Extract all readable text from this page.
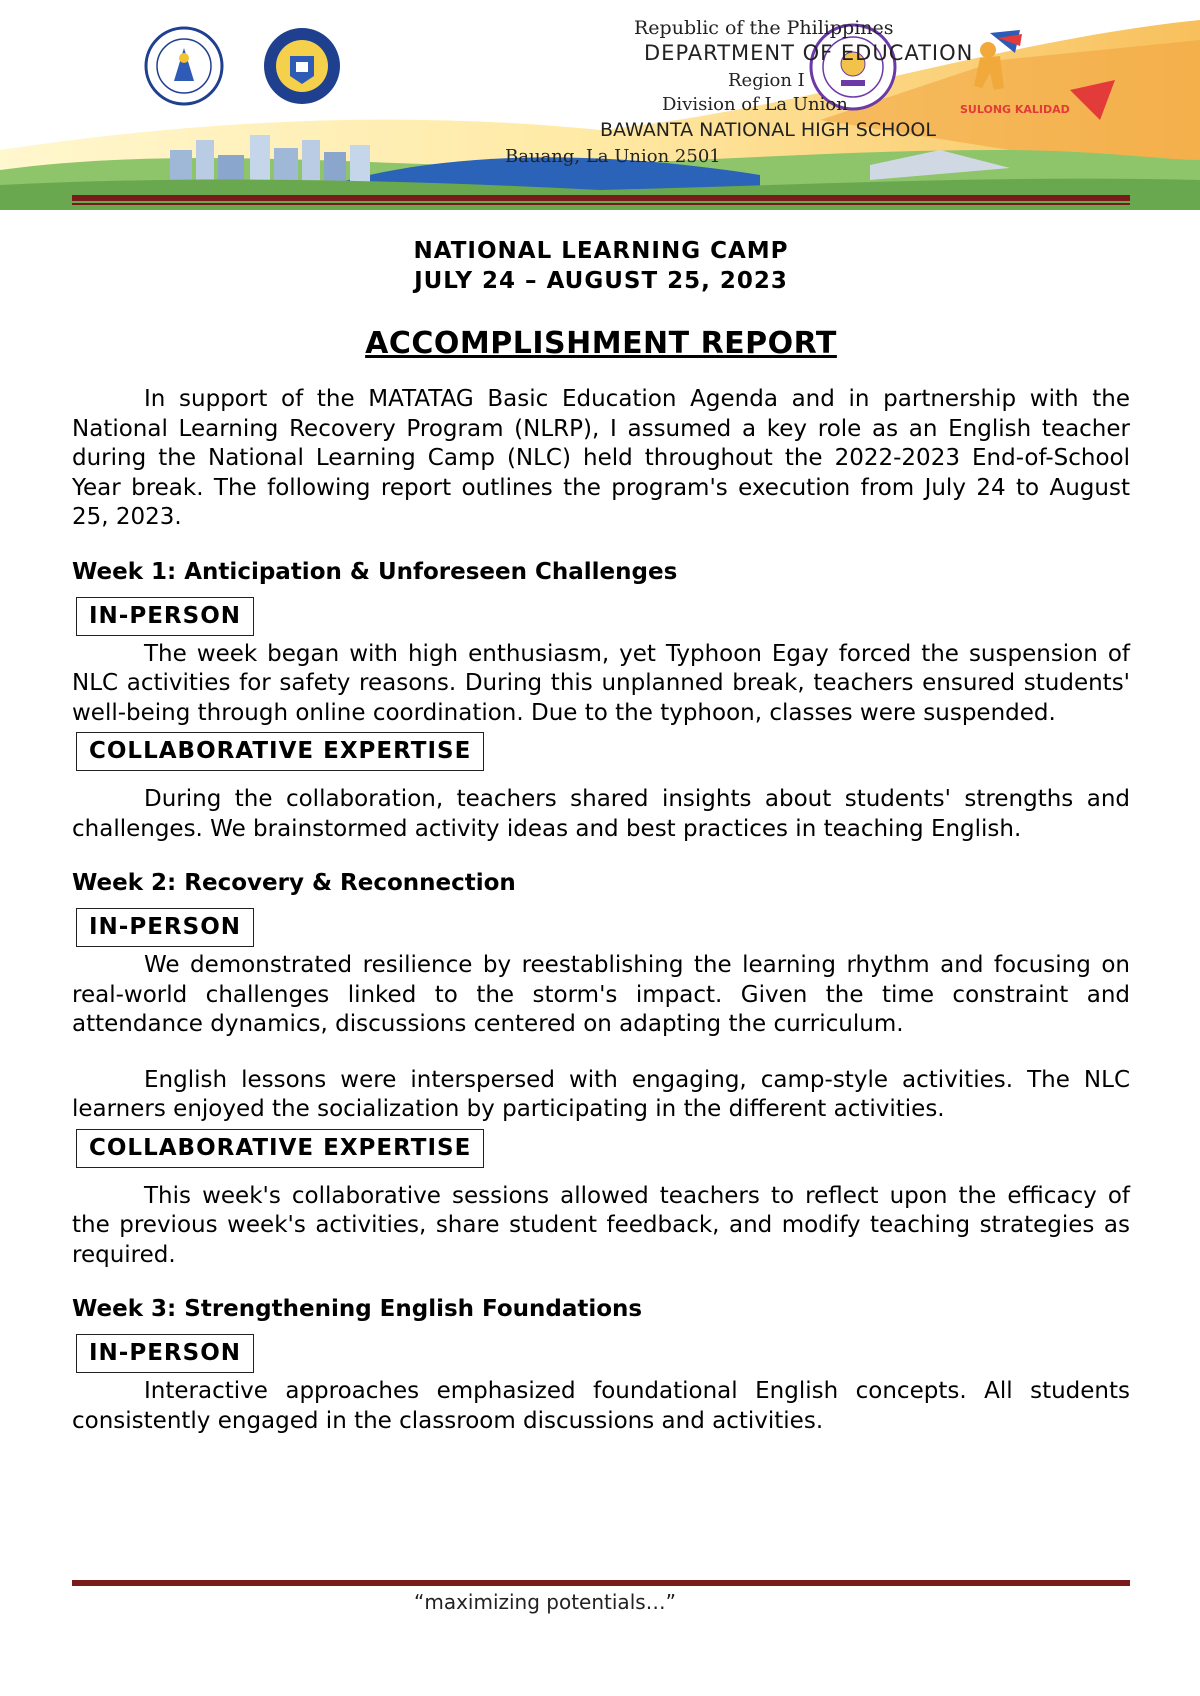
SULONG KALIDAD
Republic of the Philippines
DEPARTMENT OF EDUCATION
Region I
Division of La Union
BAWANTA NATIONAL HIGH SCHOOL
Bauang, La Union 2501
NATIONAL LEARNING CAMP
JULY 24 – AUGUST 25, 2023
ACCOMPLISHMENT REPORT

In support of the MATATAG Basic Education Agenda and in partnership with the National Learning Recovery Program (NLRP), I assumed a key role as an English teacher during the National Learning Camp (NLC) held throughout the 2022-2023 End-of-School Year break. The following report outlines the program's execution from July 24 to August 25, 2023.

Week 1: Anticipation & Unforeseen Challenges
IN-PERSON

The week began with high enthusiasm, yet Typhoon Egay forced the suspension of NLC activities for safety reasons. During this unplanned break, teachers ensured students' well-being through online coordination. Due to the typhoon, classes were suspended.

COLLABORATIVE EXPERTISE

During the collaboration, teachers shared insights about students' strengths and challenges. We brainstormed activity ideas and best practices in teaching English.

Week 2: Recovery & Reconnection
IN-PERSON

We demonstrated resilience by reestablishing the learning rhythm and focusing on real-world challenges linked to the storm's impact. Given the time constraint and attendance dynamics, discussions centered on adapting the curriculum.

English lessons were interspersed with engaging, camp-style activities. The NLC learners enjoyed the socialization by participating in the different activities.

COLLABORATIVE EXPERTISE

This week's collaborative sessions allowed teachers to reflect upon the efficacy of the previous week's activities, share student feedback, and modify teaching strategies as required.

Week 3: Strengthening English Foundations
IN-PERSON

Interactive approaches emphasized foundational English concepts. All students consistently engaged in the classroom discussions and activities.

“maximizing potentials…”
